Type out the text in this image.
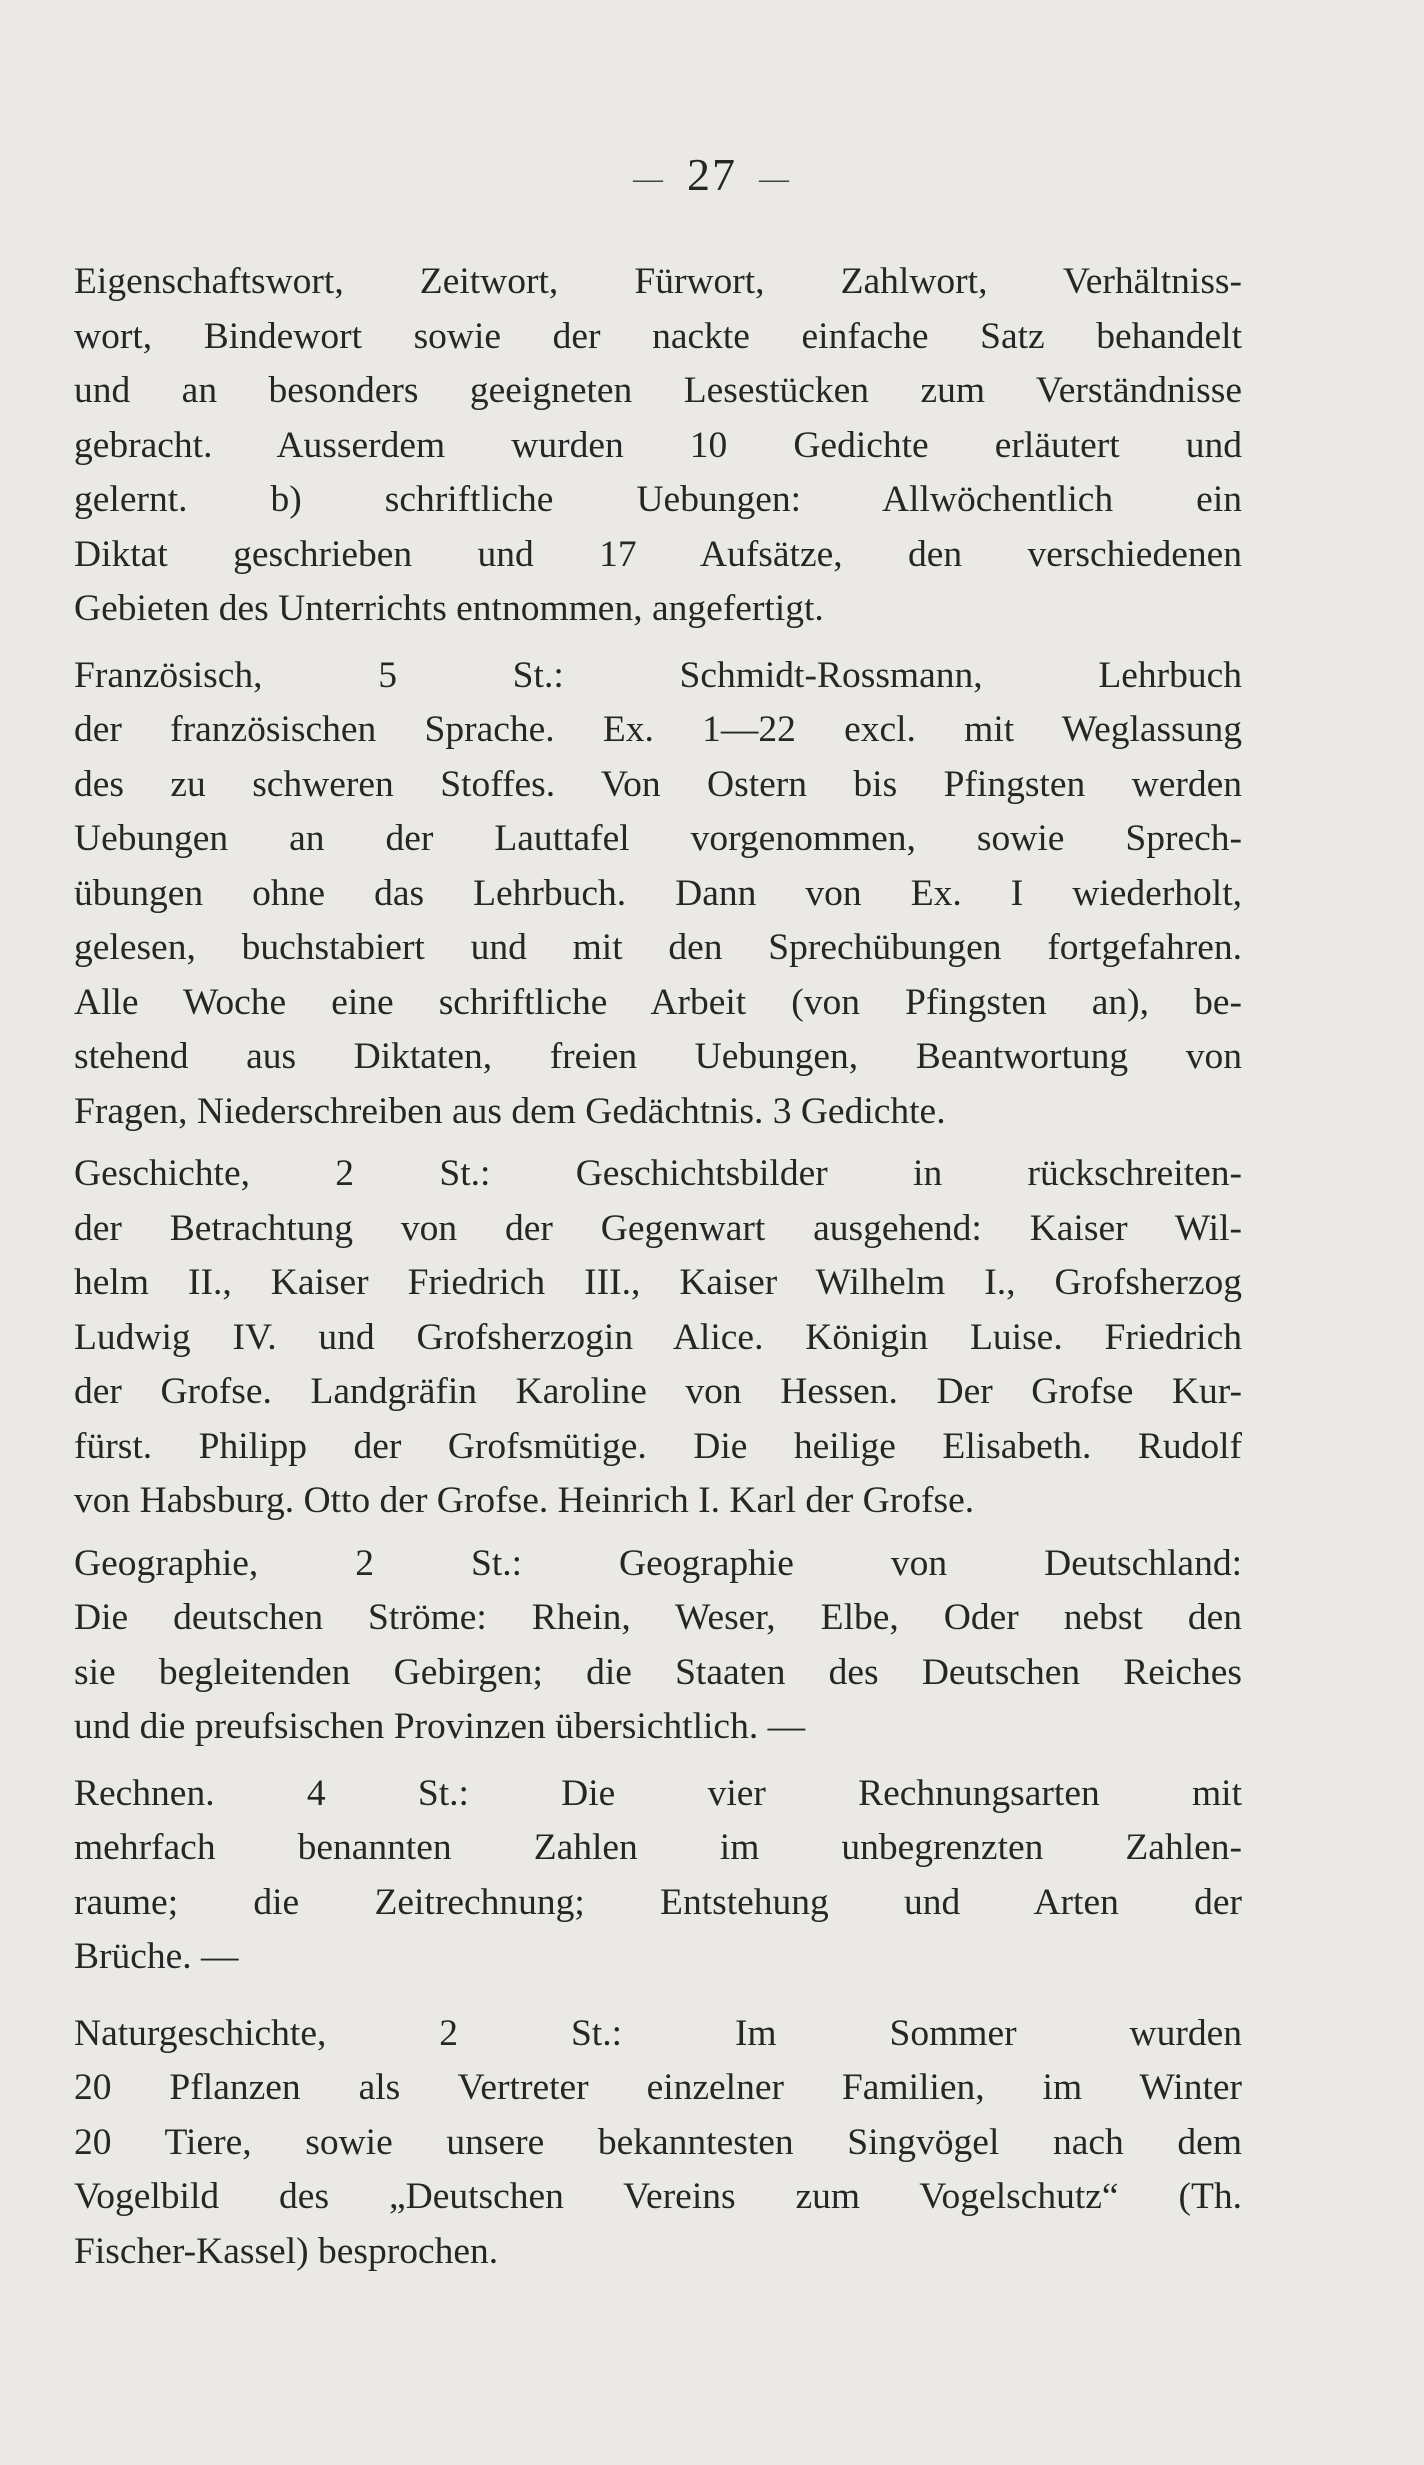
— 27 —
Eigenschaftswort, Zeitwort, Fürwort, Zahlwort, Verhältniss-
wort, Bindewort sowie der nackte einfache Satz behandelt
und an besonders geeigneten Lesestücken zum Verständnisse
gebracht. Ausserdem wurden 10 Gedichte erläutert und
gelernt. b) schriftliche Uebungen: Allwöchentlich ein
Diktat geschrieben und 17 Aufsätze, den verschiedenen
Gebieten des Unterrichts entnommen, angefertigt.
Französisch, 5 St.: Schmidt-Rossmann, Lehrbuch
der französischen Sprache. Ex. 1—22 excl. mit Weglassung
des zu schweren Stoffes. Von Ostern bis Pfingsten werden
Uebungen an der Lauttafel vorgenommen, sowie Sprech-
übungen ohne das Lehrbuch. Dann von Ex. I wiederholt,
gelesen, buchstabiert und mit den Sprechübungen fortgefahren.
Alle Woche eine schriftliche Arbeit (von Pfingsten an), be-
stehend aus Diktaten, freien Uebungen, Beantwortung von
Fragen, Niederschreiben aus dem Gedächtnis. 3 Gedichte.
Geschichte, 2 St.: Geschichtsbilder in rückschreiten-
der Betrachtung von der Gegenwart ausgehend: Kaiser Wil-
helm II., Kaiser Friedrich III., Kaiser Wilhelm I., Grofsherzog
Ludwig IV. und Grofsherzogin Alice. Königin Luise. Friedrich
der Grofse. Landgräfin Karoline von Hessen. Der Grofse Kur-
fürst. Philipp der Grofsmütige. Die heilige Elisabeth. Rudolf
von Habsburg. Otto der Grofse. Heinrich I. Karl der Grofse.
Geographie, 2 St.: Geographie von Deutschland:
Die deutschen Ströme: Rhein, Weser, Elbe, Oder nebst den
sie begleitenden Gebirgen; die Staaten des Deutschen Reiches
und die preufsischen Provinzen übersichtlich. —
Rechnen. 4 St.: Die vier Rechnungsarten mit
mehrfach benannten Zahlen im unbegrenzten Zahlen-
raume; die Zeitrechnung; Entstehung und Arten der
Brüche. —
Naturgeschichte, 2 St.: Im Sommer wurden
20 Pflanzen als Vertreter einzelner Familien, im Winter
20 Tiere, sowie unsere bekanntesten Singvögel nach dem
Vogelbild des „Deutschen Vereins zum Vogelschutz“ (Th.
Fischer-Kassel) besprochen.
